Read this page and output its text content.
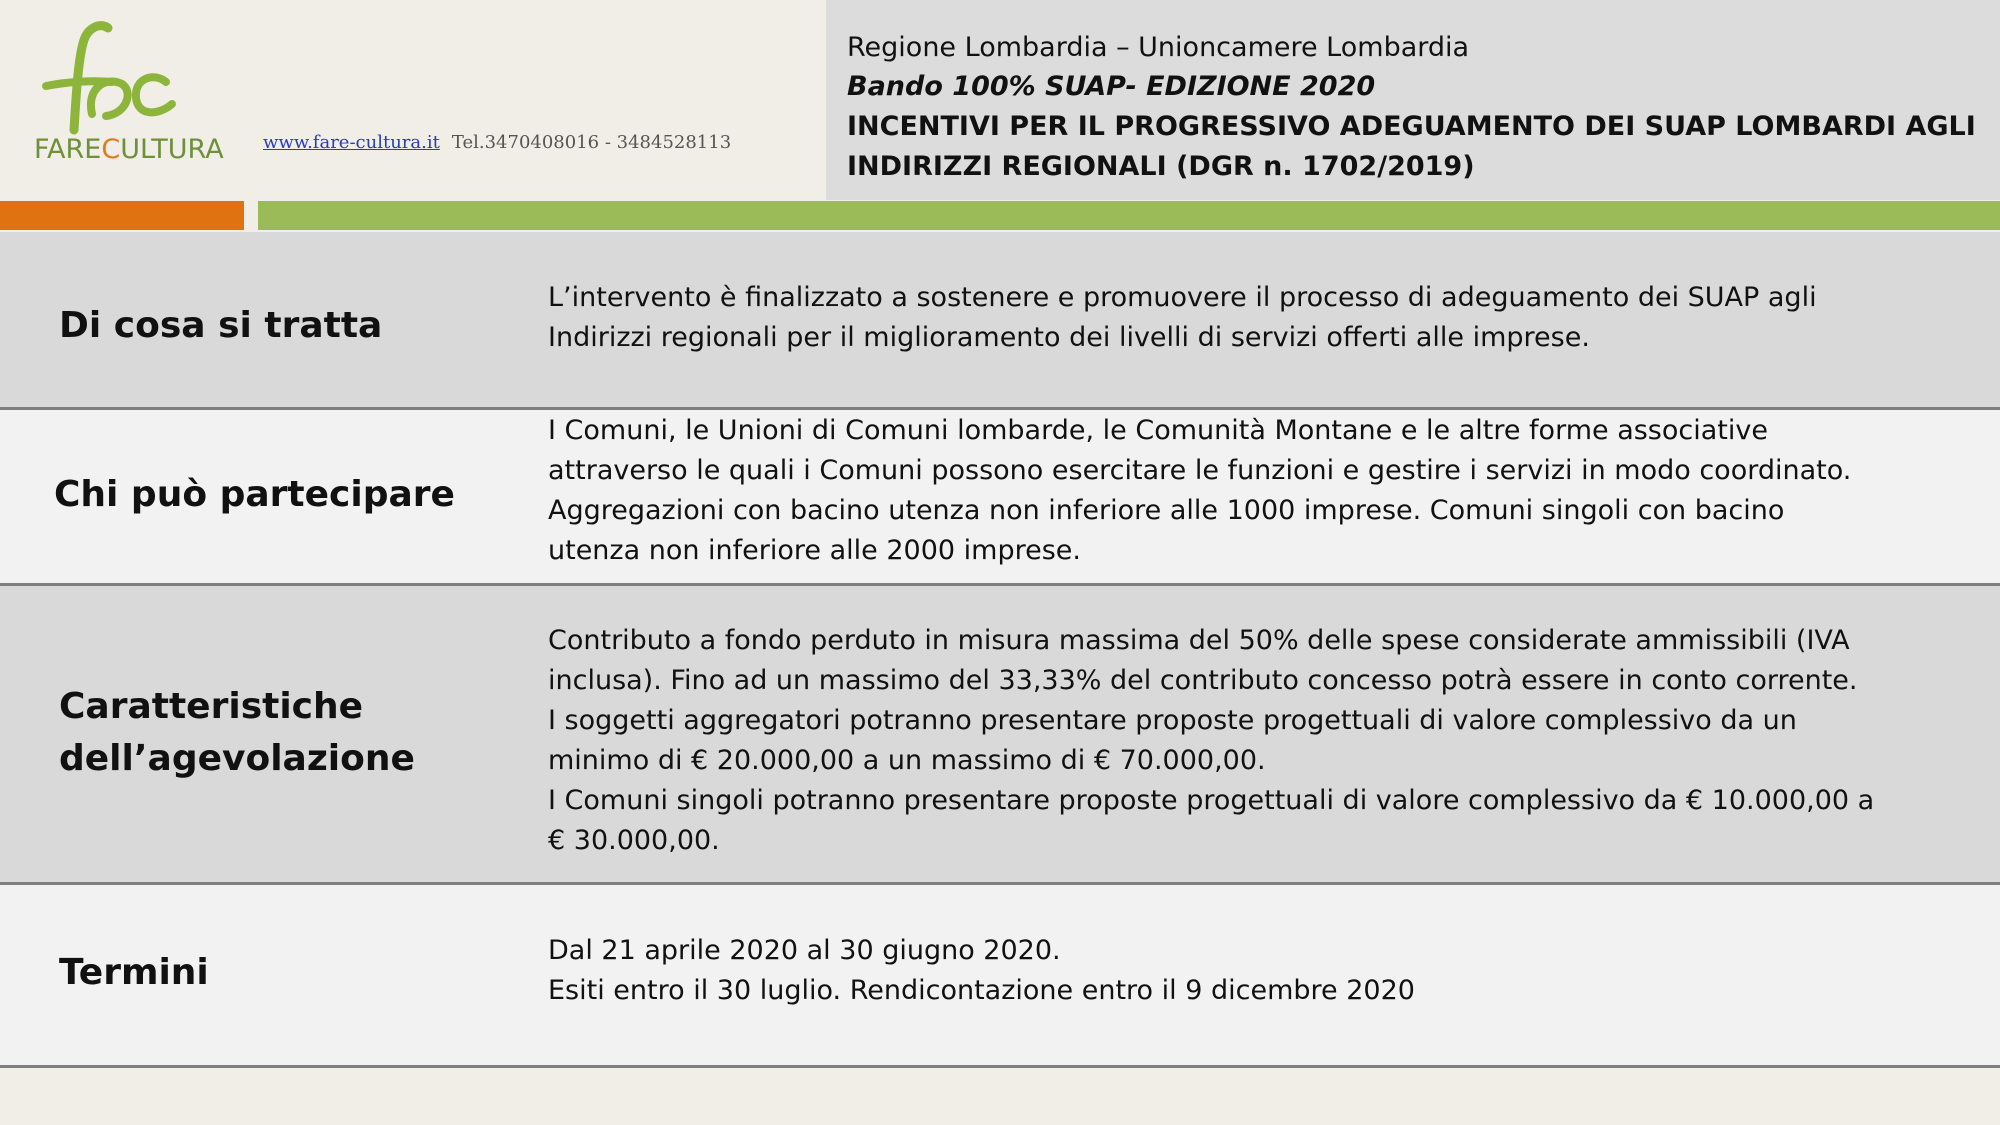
FARECULTURA www.fare-cultura.it Tel.3470408016 - 3484528113
Regione Lombardia – Unioncamere Lombardia
Bando 100% SUAP- EDIZIONE 2020
INCENTIVI PER IL PROGRESSIVO ADEGUAMENTO DEI SUAP LOMBARDI AGLI
INDIRIZZI REGIONALI (DGR n. 1702/2019)
Di cosa si tratta

L’intervento è finalizzato a sostenere e promuovere il processo di adeguamento dei SUAP agli

Indirizzi regionali per il miglioramento dei livelli di servizi offerti alle imprese.

Chi può partecipare

I Comuni, le Unioni di Comuni lombarde, le Comunità Montane e le altre forme associative

attraverso le quali i Comuni possono esercitare le funzioni e gestire i servizi in modo coordinato.

Aggregazioni con bacino utenza non inferiore alle 1000 imprese. Comuni singoli con bacino

utenza non inferiore alle 2000 imprese.

Caratteristiche
dell’agevolazione

Contributo a fondo perduto in misura massima del 50% delle spese considerate ammissibili (IVA

inclusa). Fino ad un massimo del 33,33% del contributo concesso potrà essere in conto corrente.

I soggetti aggregatori potranno presentare proposte progettuali di valore complessivo da un

minimo di € 20.000,00 a un massimo di € 70.000,00.

I Comuni singoli potranno presentare proposte progettuali di valore complessivo da € 10.000,00 a

€ 30.000,00.

Termini

Dal 21 aprile 2020 al 30 giugno 2020.

Esiti entro il 30 luglio. Rendicontazione entro il 9 dicembre 2020
